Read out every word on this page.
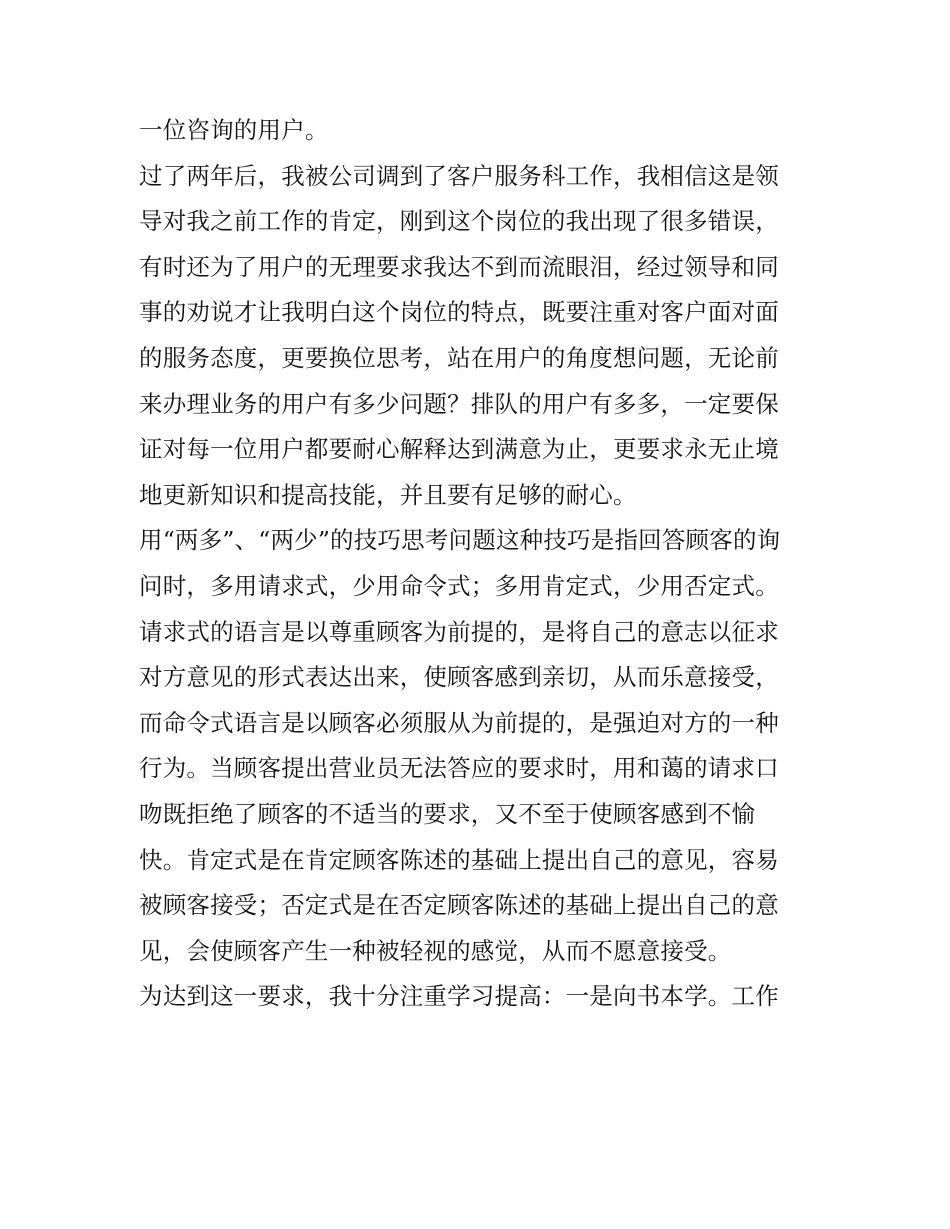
一位咨询的用户。
过了两年后，我被公司调到了客户服务科工作，我相信这是领
导对我之前工作的肯定，刚到这个岗位的我出现了很多错误，
有时还为了用户的无理要求我达不到而流眼泪，经过领导和同
事的劝说才让我明白这个岗位的特点，既要注重对客户面对面
的服务态度，更要换位思考，站在用户的角度想问题，无论前
来办理业务的用户有多少问题？排队的用户有多多，一定要保
证对每一位用户都要耐心解释达到满意为止，更要求永无止境
地更新知识和提高技能，并且要有足够的耐心。
用“两多”、“两少”的技巧思考问题这种技巧是指回答顾客的询
问时，多用请求式，少用命令式；多用肯定式，少用否定式。
请求式的语言是以尊重顾客为前提的，是将自己的意志以征求
对方意见的形式表达出来，使顾客感到亲切，从而乐意接受，
而命令式语言是以顾客必须服从为前提的，是强迫对方的一种
行为。当顾客提出营业员无法答应的要求时，用和蔼的请求口
吻既拒绝了顾客的不适当的要求，又不至于使顾客感到不愉
快。肯定式是在肯定顾客陈述的基础上提出自己的意见，容易
被顾客接受；否定式是在否定顾客陈述的基础上提出自己的意
见，会使顾客产生一种被轻视的感觉，从而不愿意接受。
为达到这一要求，我十分注重学习提高：一是向书本学。工作
